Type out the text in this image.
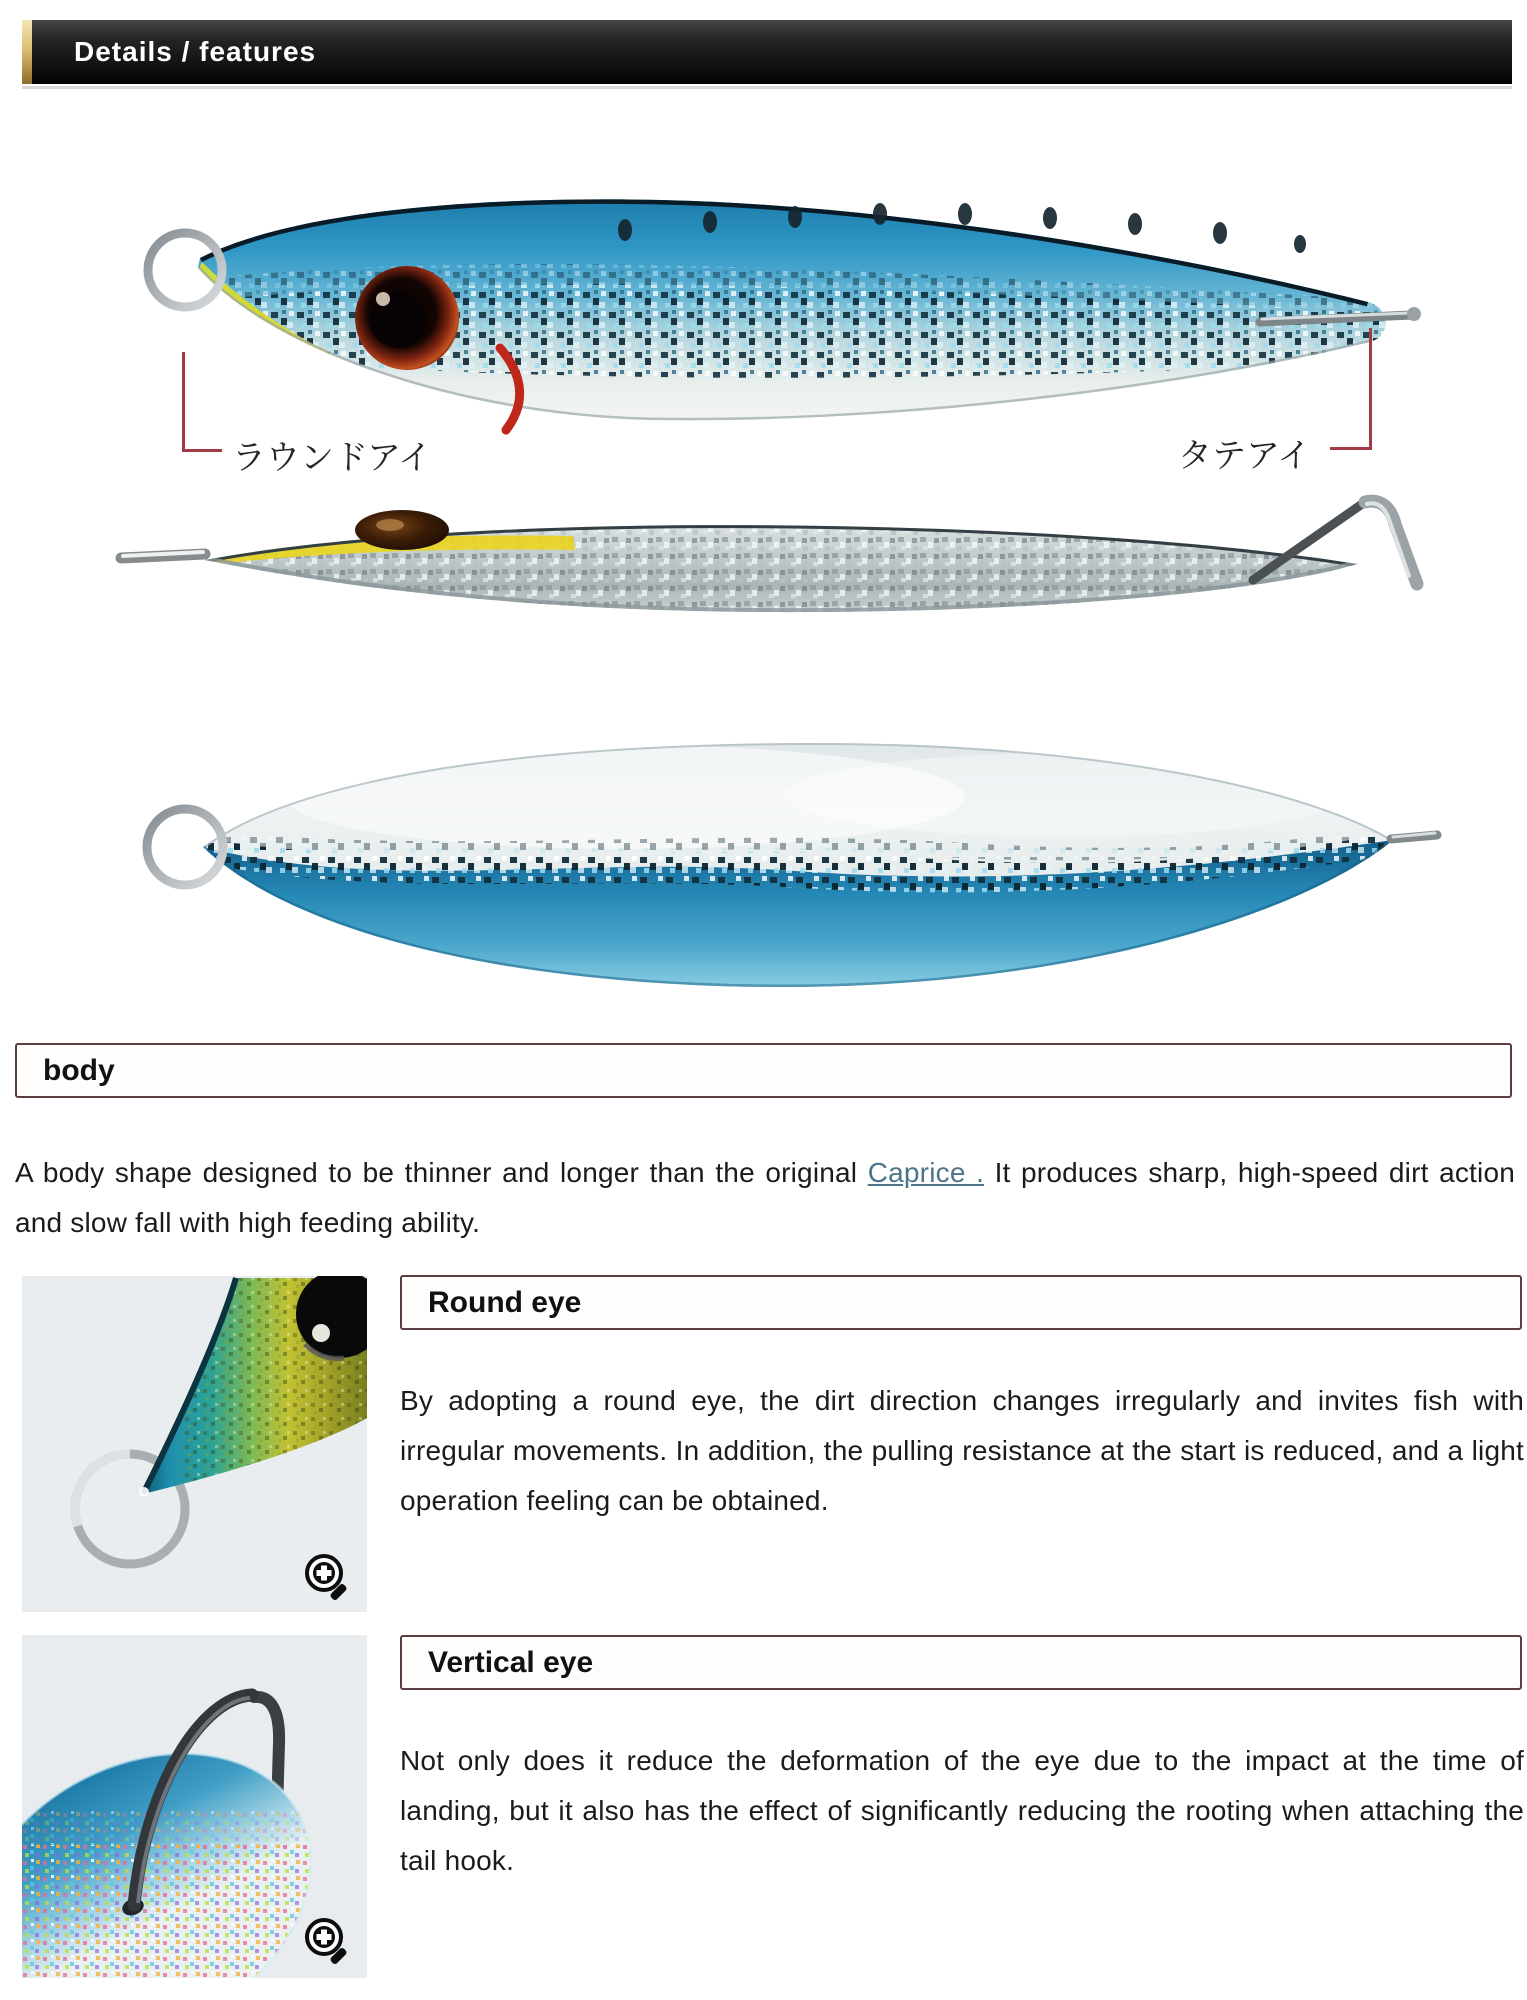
Details / features
ラウンドアイ	タテアイ
body

A body shape designed to be thinner and longer than the original Caprice . It produces sharp, high-speed dirt action and slow fall with high feeding ability.

Round eye

By adopting a round eye, the dirt direction changes irregularly and invites fish with irregular movements. In addition, the pulling resistance at the start is reduced, and a light operation feeling can be obtained.

Vertical eye

Not only does it reduce the deformation of the eye due to the impact at the time of landing, but it also has the effect of significantly reducing the rooting when attaching the tail hook.
